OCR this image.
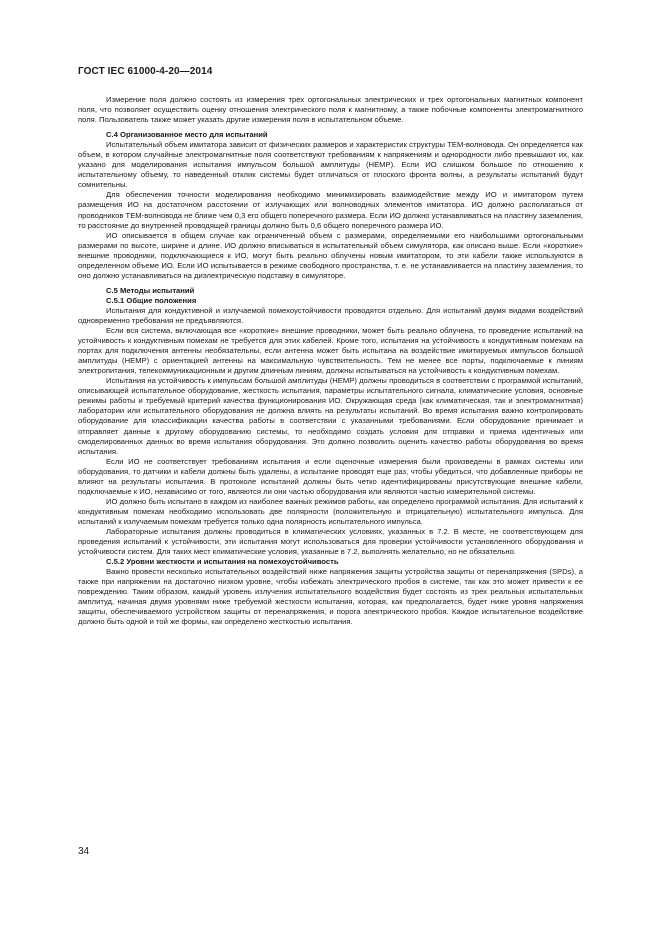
ГОСТ IEC 61000-4-20—2014

Измерение поля должно состоять из измерения трех ортогональных электрических и трех ортогональных магнитных компонент поля, что позволяет осуществить оценку отношения электрического поля к магнитному, а также побочные компоненты электромагнитного поля. Пользователь также может указать другие измерения поля в испытательном объеме.

С.4 Организованное место для испытаний

Испытательный объем имитатора зависит от физических размеров и характеристик структуры ТЕМ-волновода. Он определяется как объем, в котором случайные электромагнитные поля соответствуют требованиям к напряжениям и однородности либо превышают их, как указано для моделирования испытания импульсом большой амплитуды (HEMP). Если ИО слишком большое по отношению к испытательному объему, то наведенный отклик системы будет отличаться от плоского фронта волны, а результаты испытаний будут сомнительны.

Для обеспечения точности моделирования необходимо минимизировать взаимодействие между ИО и имитатором путем размещения ИО на достаточном расстоянии от излучающих или волноводных элементов имитатора. ИО должно располагаться от проводников ТЕМ-волновода не ближе чем 0,3 его общего поперечного размера. Если ИО должно устанавливаться на пластину заземления, то расстояние до внутренней проводящей границы должно быть 0,6 общего поперечного размера ИО.

ИО описывается в общем случае как ограниченный объем с размерами, определяемыми его наибольшими ортогональными размерами по высоте, ширине и длине. ИО должно вписываться в испытательный объем симулятора, как описано выше. Если «короткие» внешние проводники, подключающиеся к ИО, могут быть реально облучены новым имитатором, то эти кабели также используются в определенном объеме ИО. Если ИО испытывается в режиме свободного пространства, т. е. не устанавливается на пластину заземления, то оно должно устанавливаться на диэлектрическую подставку в симуляторе.

С.5 Методы испытаний
С.5.1 Общие положения

Испытания для кондуктивной и излучаемой помехоустойчивости проводятся отдельно. Для испытаний двумя видами воздействий одновременно требования не предъявляются.

Если вся система, включающая все «короткие» внешние проводники, может быть реально облучена, то проведение испытаний на устойчивость к кондуктивным помехам не требуется для этих кабелей. Кроме того, испытания на устойчивость к кондуктивным помехам на портах для подключения антенны необязательны, если антенна может быть испытана на воздействие имитируемых импульсов большой амплитуды (HEMP) с ориентацией антенны на максимальную чувствительность. Тем не менее все порты, подключаемые к линиям электропитания, телекоммуникационным и другим длинным линиям, должны испытываться на устойчивость к кондуктивным помехам.

Испытания на устойчивость к импульсам большой амплитуды (HEMP) должны проводиться в соответствии с программой испытаний, описывающей испытательное оборудование, жесткость испытания, параметры испытательного сигнала, климатические условия, основные режимы работы и требуемый критерий качества функционирования ИО. Окружающая среда (как климатическая, так и электромагнитная) лаборатории или испытательного оборудования не должна влиять на результаты испытаний. Во время испытания важно контролировать оборудование для классификации качества работы в соответствии с указанными требованиями. Если оборудование принимает и отправляет данные к другому оборудованию системы, то необходимо создать условия для отправки и приема идентичных или смоделированных данных во время испытания оборудования. Это должно позволить оценить качество работы оборудования во время испытания.

Если ИО не соответствует требованиям испытания и если оценочные измерения были произведены в рамках системы или оборудования, то датчики и кабели должны быть удалены, а испытание проводят еще раз, чтобы убедиться, что добавленные приборы не влияют на результаты испытания. В протоколе испытаний должны быть четко идентифицированы присутствующие внешние кабели, подключаемые к ИО, независимо от того, являются ли они частью оборудования или являются частью измерительной системы.

ИО должно быть испытано в каждом из наиболее важных режимов работы, как определено программой испытания. Для испытаний к кондуктивным помехам необходимо использовать две полярности (положительную и отрицательную) испытательного импульса. Для испытаний к излучаемым помехам требуется только одна полярность испытательного импульса.

Лабораторные испытания должны проводиться в климатических условиях, указанных в 7.2. В месте, не соответствующем для проведения испытаний к устойчивости, эти испытания могут использоваться для проверки устойчивости установленного оборудования и устойчивости систем. Для таких мест климатические условия, указанные в 7.2, выполнять желательно, но не обязательно.

С.5.2 Уровни жесткости и испытания на помехоустойчивость

Важно провести несколько испытательных воздействий ниже напряжения защиты устройства защиты от перенапряжения (SPDs), а также при напряжении на достаточно низком уровне, чтобы избежать электрического пробоя в системе, так как это может привести к ее повреждению. Таким образом, каждый уровень излучения испытательного воздействия будет состоять из трех реальных испытательных амплитуд, начиная двумя уровнями ниже требуемой жесткости испытания, которая, как предполагается, будет ниже уровня напряжения защиты, обеспечиваемого устройством защиты от перенапряжения, и порога электрического пробоя. Каждое испытательное воздействие должно быть одной и той же формы, как определено жесткостью испытания.

34
